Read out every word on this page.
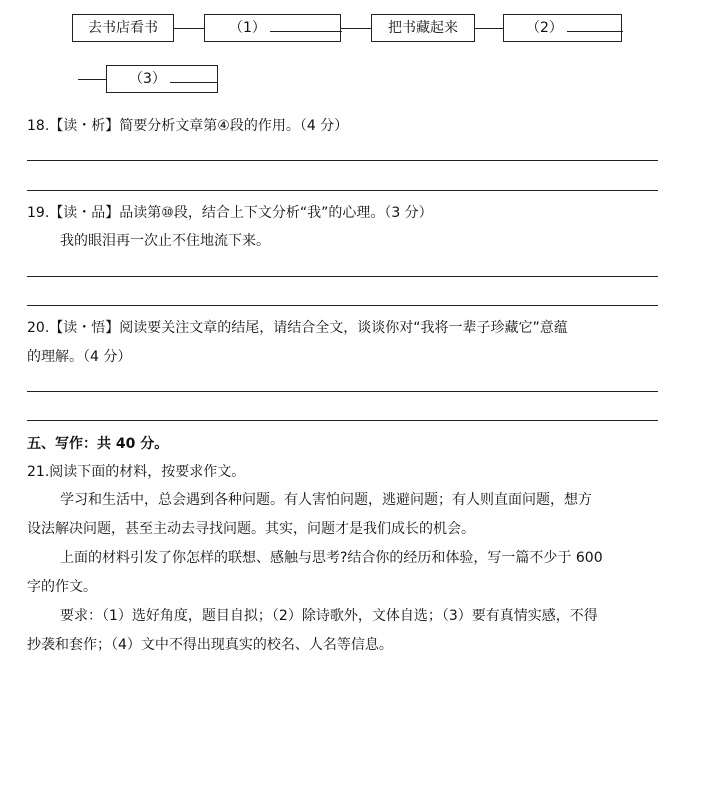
去书店看书	（1）	把书藏起来	（2）
（3）
18.【读・析】简要分析文章第④段的作用。（4 分）
19.【读・品】品读第⑩段，结合上下文分析“我”的心理。（3 分）
我的眼泪再一次止不住地流下来。
20.【读・悟】阅读要关注文章的结尾，请结合全文，谈谈你对“我将一辈子珍藏它”意蕴
的理解。（4 分）
五、写作：共 40 分。
21.阅读下面的材料，按要求作文。
学习和生活中，总会遇到各种问题。有人害怕问题，逃避问题；有人则直面问题，想方
设法解决问题，甚至主动去寻找问题。其实，问题才是我们成长的机会。
上面的材料引发了你怎样的联想、感触与思考?结合你的经历和体验，写一篇不少于 600
字的作文。
要求：（1）选好角度，题目自拟；（2）除诗歌外，文体自选；（3）要有真情实感，不得
抄袭和套作；（4）文中不得出现真实的校名、人名等信息。
